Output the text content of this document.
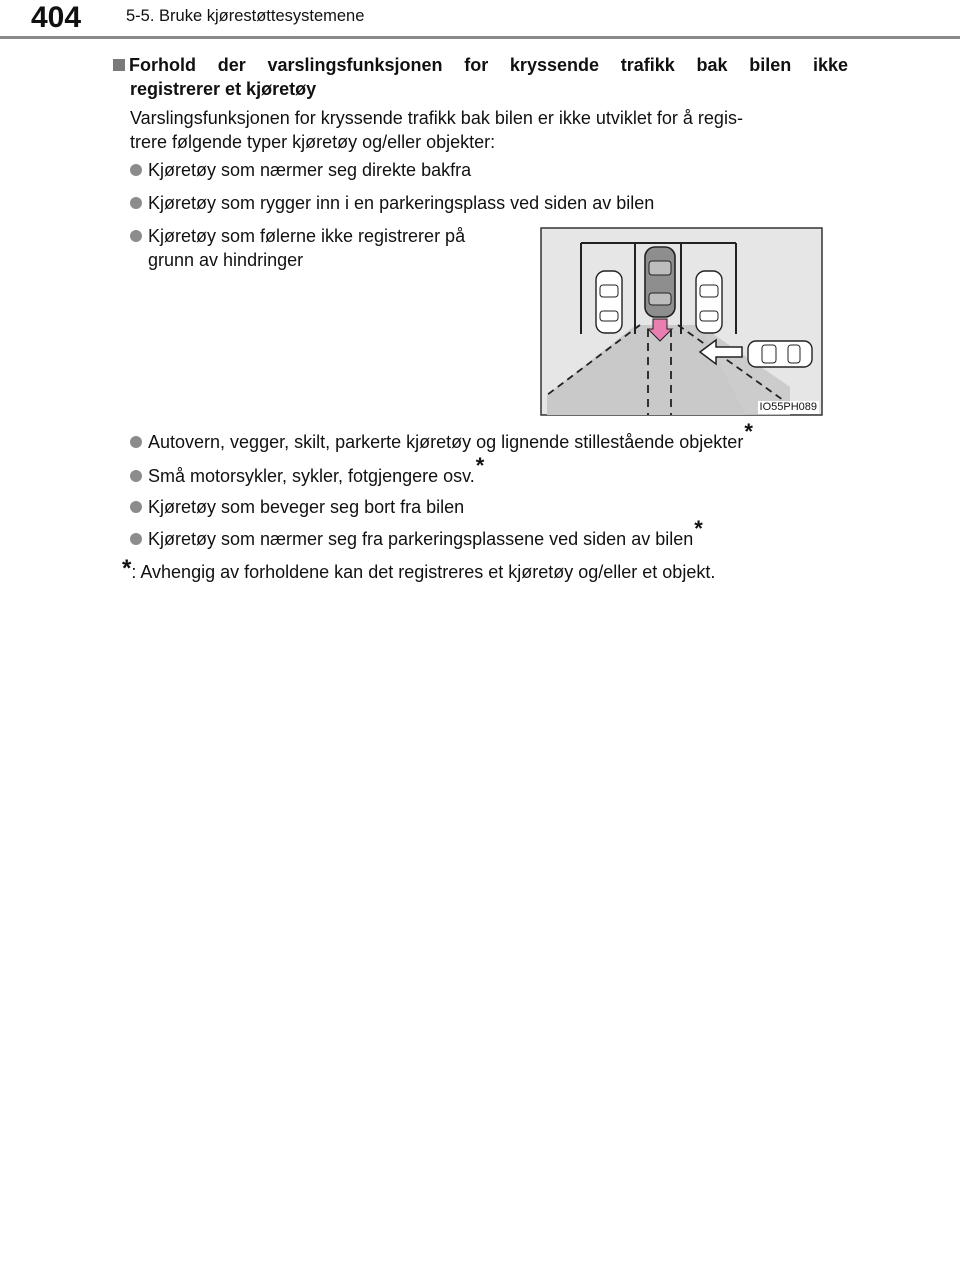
404	5-5. Bruke kjørestøttesystemene
Forhold der varslingsfunksjonen for kryssende trafikk bak bilen ikke
registrerer et kjøretøy
Varslingsfunksjonen for kryssende trafikk bak bilen er ikke utviklet for å regis-
trere følgende typer kjøretøy og/eller objekter:
Kjøretøy som nærmer seg direkte bakfra
Kjøretøy som rygger inn i en parkeringsplass ved siden av bilen
Kjøretøy som følerne ikke registrerer på
grunn av hindringer
IO55PH089
Autovern, vegger, skilt, parkerte kjøretøy og lignende stillestående objekter*
Små motorsykler, sykler, fotgjengere osv.*
Kjøretøy som beveger seg bort fra bilen
Kjøretøy som nærmer seg fra parkeringsplassene ved siden av bilen*
*: Avhengig av forholdene kan det registreres et kjøretøy og/eller et objekt.
